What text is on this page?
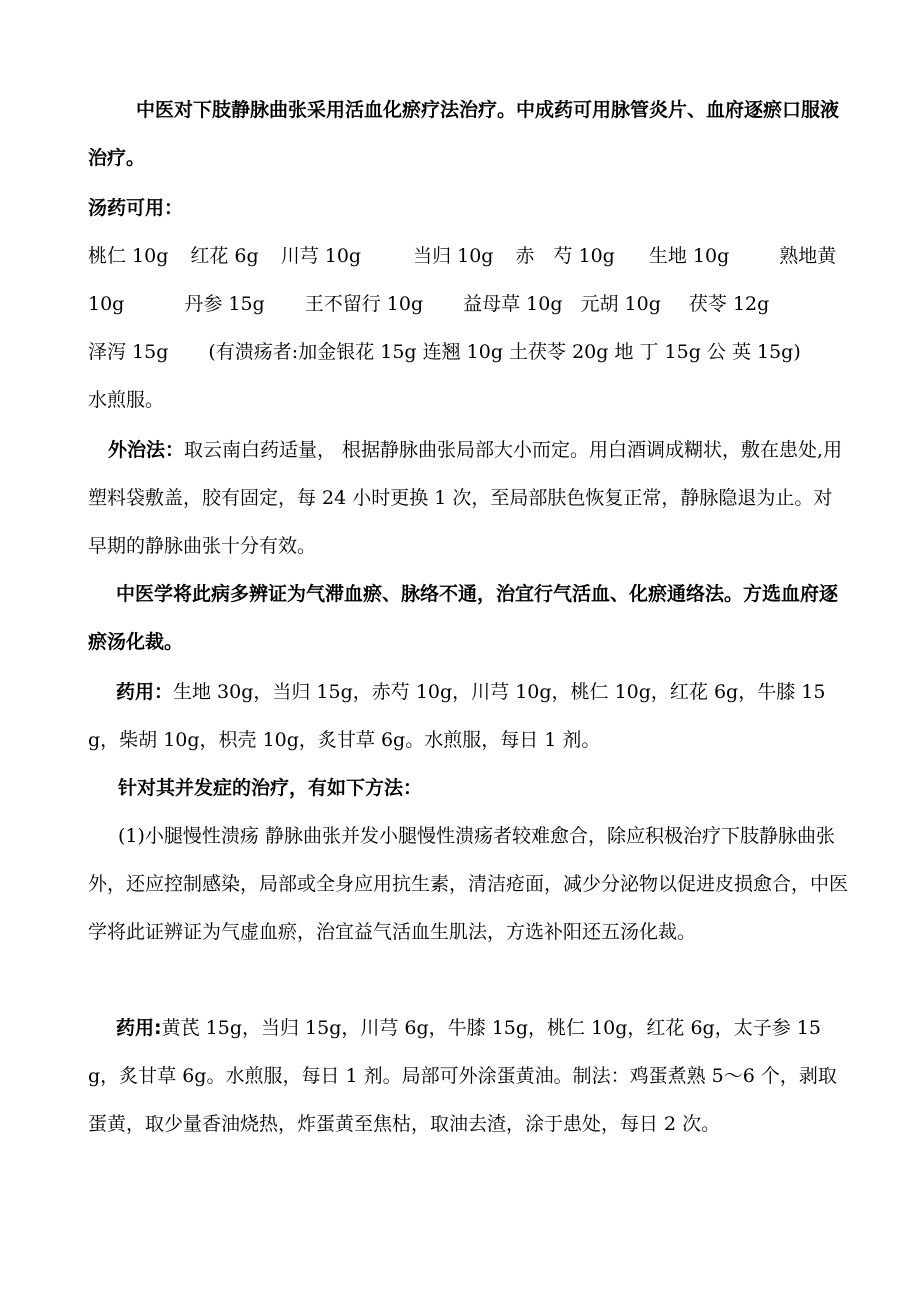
中医对下肢静脉曲张采用活血化瘀疗法治疗。中成药可用脉管炎片、血府逐瘀口服液治疗。

汤药可用：

桃仁 10g 红花 6g 川芎 10g	当归 10g 赤　芍 10g 生地 10g	熟地黄 10g	丹参 15g 王不留行 10g 益母草 10g 元胡 10g 茯苓 12g
泽泻 15g (有溃疡者:加金银花 15g 连翘 10g 土茯苓 20g 地 丁 15g 公 英 15g)
水煎服。

外治法：取云南白药适量， 根据静脉曲张局部大小而定。用白酒调成糊状，敷在患处,用塑料袋敷盖，胶有固定，每 24 小时更换 1 次，至局部肤色恢复正常，静脉隐退为止。对早期的静脉曲张十分有效。

中医学将此病多辨证为气滞血瘀、脉络不通，治宜行气活血、化瘀通络法。方选血府逐瘀汤化裁。

药用：生地 30g，当归 15g，赤芍 10g，川芎 10g，桃仁 10g，红花 6g，牛膝 15g，柴胡 10g，枳壳 10g，炙甘草 6g。水煎服，每日 1 剂。

针对其并发症的治疗，有如下方法：

(1)小腿慢性溃疡 静脉曲张并发小腿慢性溃疡者较难愈合，除应积极治疗下肢静脉曲张外，还应控制感染，局部或全身应用抗生素，清洁疮面，减少分泌物以促进皮损愈合，中医学将此证辨证为气虚血瘀，治宜益气活血生肌法，方选补阳还五汤化裁。

药用:黄芪 15g，当归 15g，川芎 6g，牛膝 15g，桃仁 10g，红花 6g，太子参 15g，炙甘草 6g。水煎服，每日 1 剂。局部可外涂蛋黄油。制法：鸡蛋煮熟 5～6 个，剥取蛋黄，取少量香油烧热，炸蛋黄至焦枯，取油去渣，涂于患处，每日 2 次。
